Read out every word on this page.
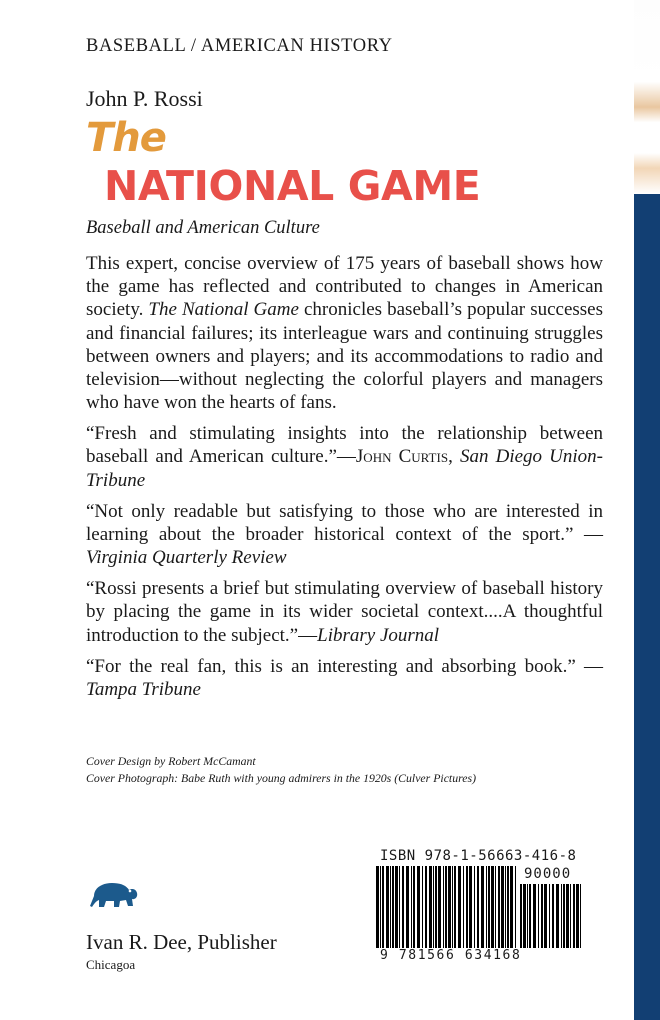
BASEBALL / AMERICAN HISTORY
John P. Rossi
The
NATIONAL GAME
Baseball and American Culture

This expert, concise overview of 175 years of baseball shows how the game has reflected and contributed to changes in American society. The National Game chronicles baseball’s popular successes and financial failures; its interleague wars and continuing struggles between owners and players; and its accommodations to radio and television—without neglecting the colorful players and managers who have won the hearts of fans.

“Fresh and stimulating insights into the relationship between baseball and American culture.”—John Curtis, San Diego Union-Tribune

“Not only readable but satisfying to those who are interested in learning about the broader historical context of the sport.” —Virginia Quarterly Review

“Rossi presents a brief but stimulating overview of baseball history by placing the game in its wider societal context....A thoughtful introduction to the subject.”—Library Journal

“For the real fan, this is an interesting and absorbing book.” —Tampa Tribune

Cover Design by Robert McCamant
Cover Photograph: Babe Ruth with young admirers in the 1920s (Culver Pictures)
Ivan R. Dee, Publisher
Chicagoa
ISBN 978-1-56663-416-8
90000
9 781566 634168
